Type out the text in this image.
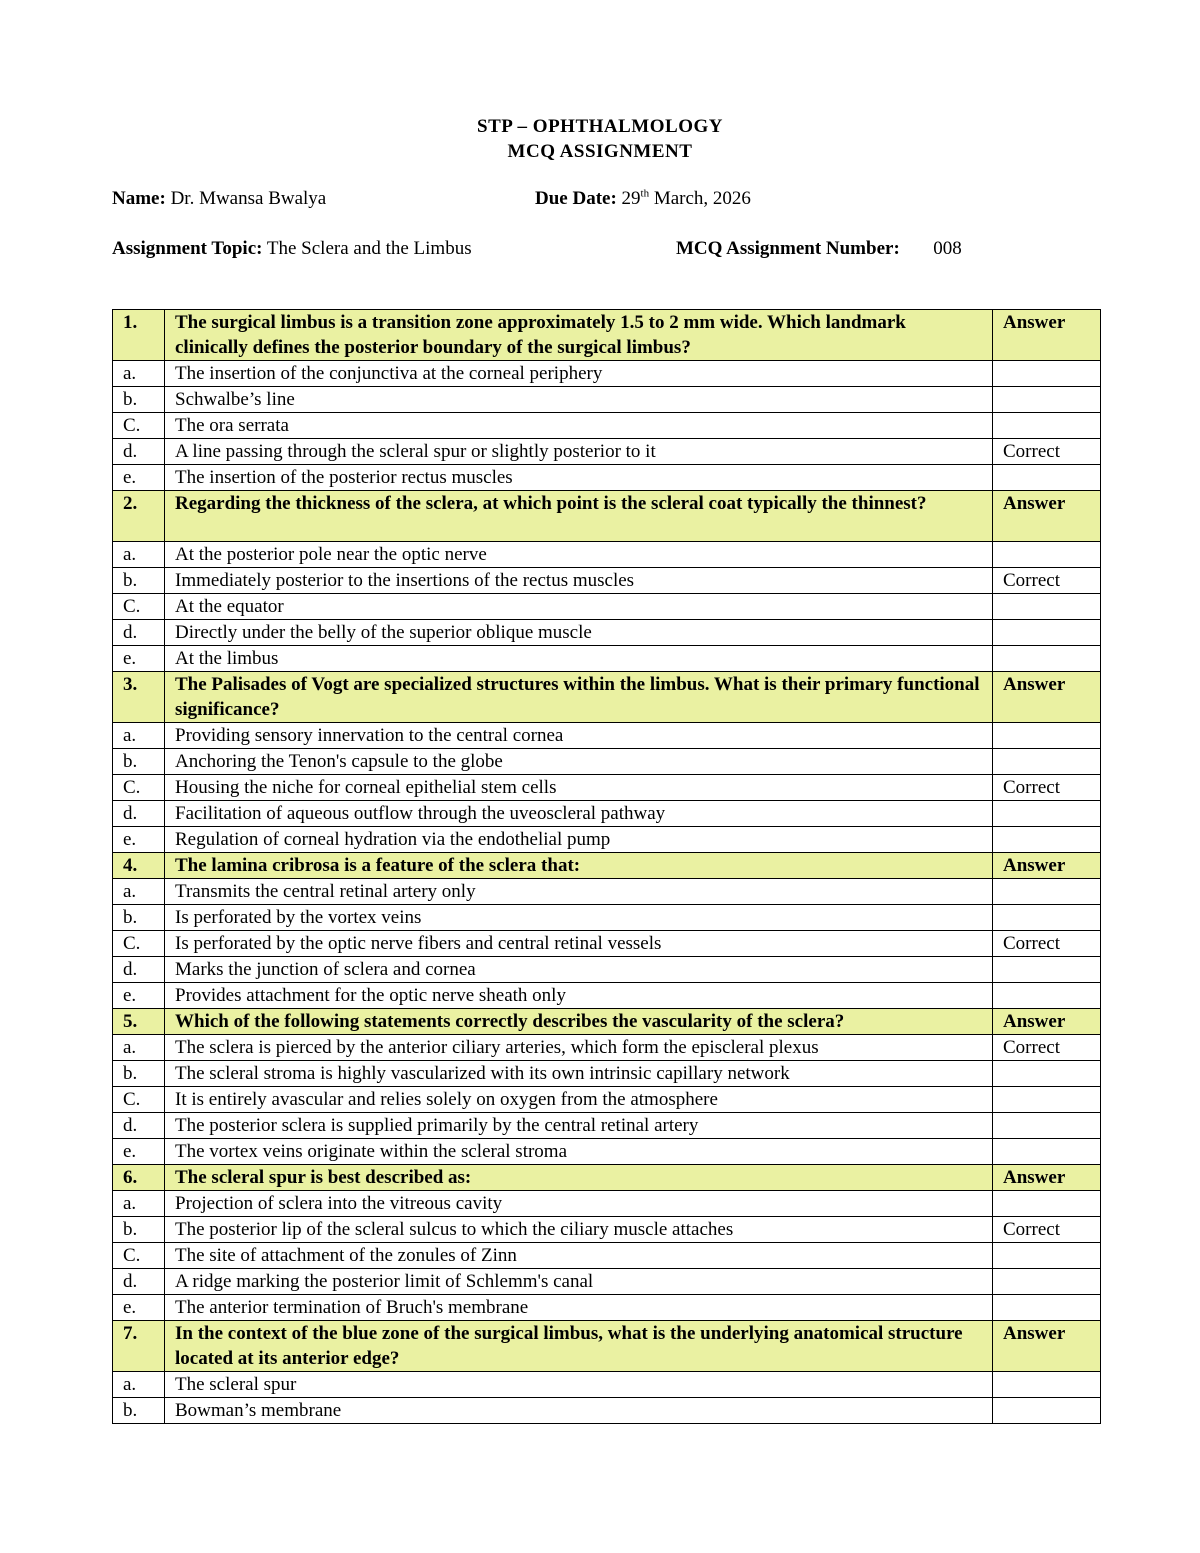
STP – OPHTHALMOLOGY
MCQ ASSIGNMENT
Name: Dr. Mwansa Bwalya	Due Date: 29th March, 2026
Assignment Topic: The Sclera and the Limbus	MCQ Assignment Number: 008
1.	The surgical limbus is a transition zone approximately 1.5 to 2 mm wide. Which landmark clinically defines the posterior boundary of the surgical limbus?	Answer
a.	The insertion of the conjunctiva at the corneal periphery	
b.	Schwalbe’s line	
C.	The ora serrata	
d.	A line passing through the scleral spur or slightly posterior to it	Correct
e.	The insertion of the posterior rectus muscles	
2.	Regarding the thickness of the sclera, at which point is the scleral coat typically the thinnest?	Answer
a.	At the posterior pole near the optic nerve	
b.	Immediately posterior to the insertions of the rectus muscles	Correct
C.	At the equator	
d.	Directly under the belly of the superior oblique muscle	
e.	At the limbus	
3.	The Palisades of Vogt are specialized structures within the limbus. What is their primary functional significance?	Answer
a.	Providing sensory innervation to the central cornea	
b.	Anchoring the Tenon's capsule to the globe	
C.	Housing the niche for corneal epithelial stem cells	Correct
d.	Facilitation of aqueous outflow through the uveoscleral pathway	
e.	Regulation of corneal hydration via the endothelial pump	
4.	The lamina cribrosa is a feature of the sclera that:	Answer
a.	Transmits the central retinal artery only	
b.	Is perforated by the vortex veins	
C.	Is perforated by the optic nerve fibers and central retinal vessels	Correct
d.	Marks the junction of sclera and cornea	
e.	Provides attachment for the optic nerve sheath only	
5.	Which of the following statements correctly describes the vascularity of the sclera?	Answer
a.	The sclera is pierced by the anterior ciliary arteries, which form the episcleral plexus	Correct
b.	The scleral stroma is highly vascularized with its own intrinsic capillary network	
C.	It is entirely avascular and relies solely on oxygen from the atmosphere	
d.	The posterior sclera is supplied primarily by the central retinal artery	
e.	The vortex veins originate within the scleral stroma	
6.	The scleral spur is best described as:	Answer
a.	Projection of sclera into the vitreous cavity	
b.	The posterior lip of the scleral sulcus to which the ciliary muscle attaches	Correct
C.	The site of attachment of the zonules of Zinn	
d.	A ridge marking the posterior limit of Schlemm's canal	
e.	The anterior termination of Bruch's membrane	
7.	In the context of the blue zone of the surgical limbus, what is the underlying anatomical structure located at its anterior edge?	Answer
a.	The scleral spur	
b.	Bowman’s membrane	
